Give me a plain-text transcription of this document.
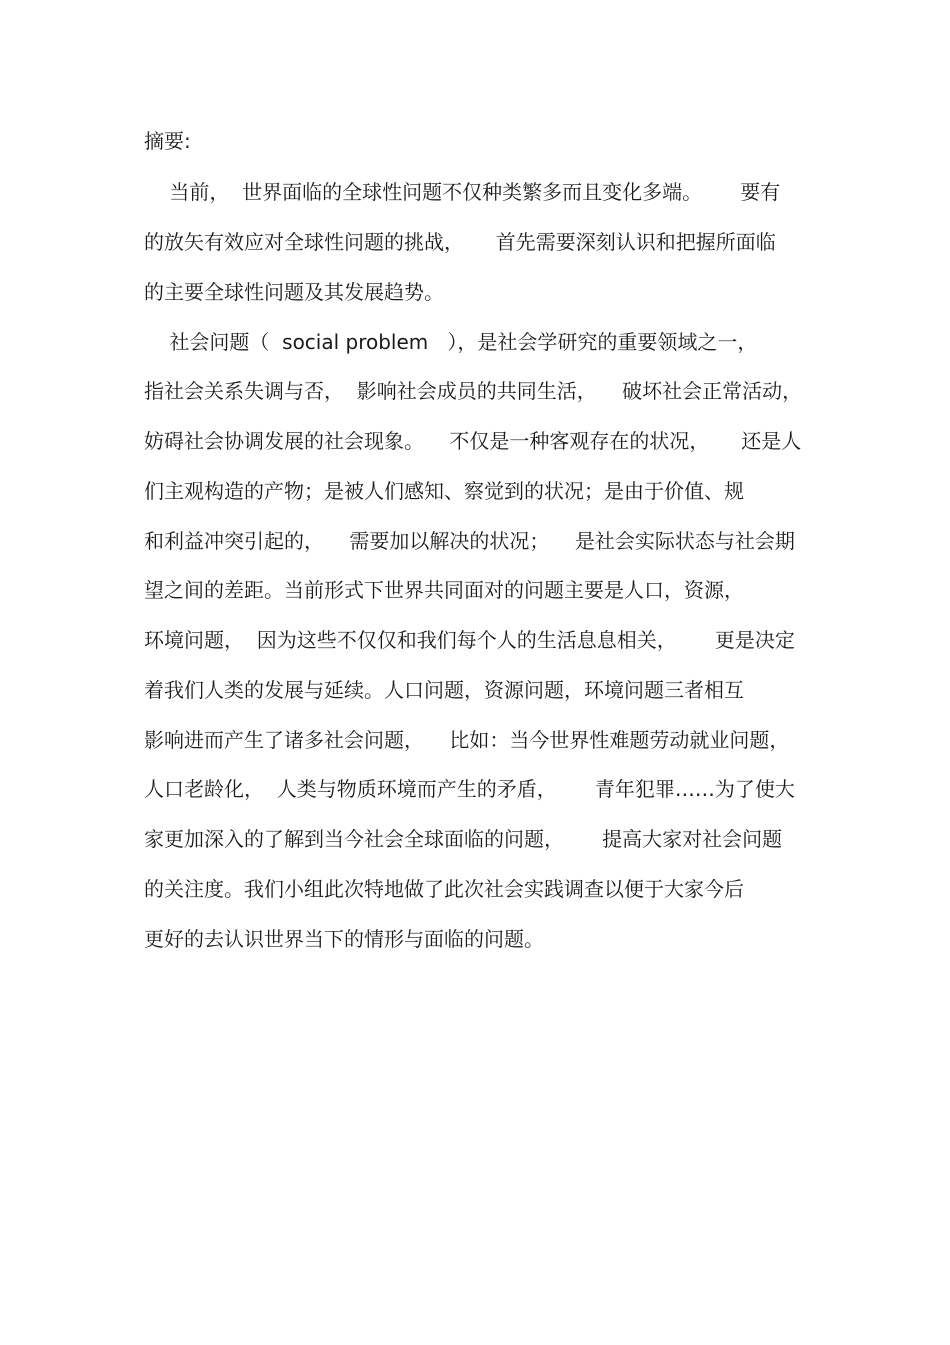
摘要:
当前，  世界面临的全球性问题不仅种类繁多而且变化多端。      要有
的放矢有效应对全球性问题的挑战，     首先需要深刻认识和把握所面临
的主要全球性问题及其发展趋势。
社会问题（  social problem   ），是社会学研究的重要领域之一，
指社会关系失调与否，  影响社会成员的共同生活，    破坏社会正常活动，
妨碍社会协调发展的社会现象。    不仅是一种客观存在的状况，     还是人
们主观构造的产物；是被人们感知、察觉到的状况；是由于价值、规
和利益冲突引起的，    需要加以解决的状况；    是社会实际状态与社会期
望之间的差距。当前形式下世界共同面对的问题主要是人口，资源，
环境问题，  因为这些不仅仅和我们每个人的生活息息相关，      更是决定
着我们人类的发展与延续。人口问题，资源问题，环境问题三者相互
影响进而产生了诸多社会问题，    比如：当今世界性难题劳动就业问题，
人口老龄化，  人类与物质环境而产生的矛盾，      青年犯罪……为了使大
家更加深入的了解到当今社会全球面临的问题，      提高大家对社会问题
的关注度。我们小组此次特地做了此次社会实践调查以便于大家今后
更好的去认识世界当下的情形与面临的问题。
